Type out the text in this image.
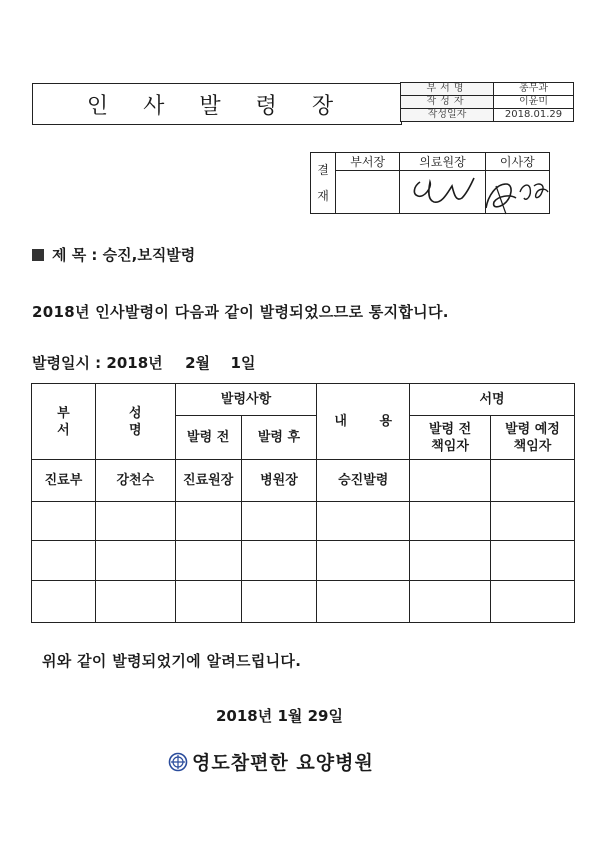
인 사 발 령 장
부서명	총무과
작성자	이윤미
작성일자	2018.01.29
결
재	부서장	의료원장	이사장

제 목 : 승진,보직발령
2018년 인사발령이 다음과 같이 발령되었으므로 통지합니다.
발령일시 : 2018년 2월 1일
부 서	성 명	발령사항		내 용	서명	
		발령 전	발령 후		발령 전 책임자	발령 예정 책임자

진료부	강천수	진료원장	병원장	승진발령		

위와 같이 발령되었기에 알려드립니다.
2018년 1월 29일
영도참편한 요양병원
